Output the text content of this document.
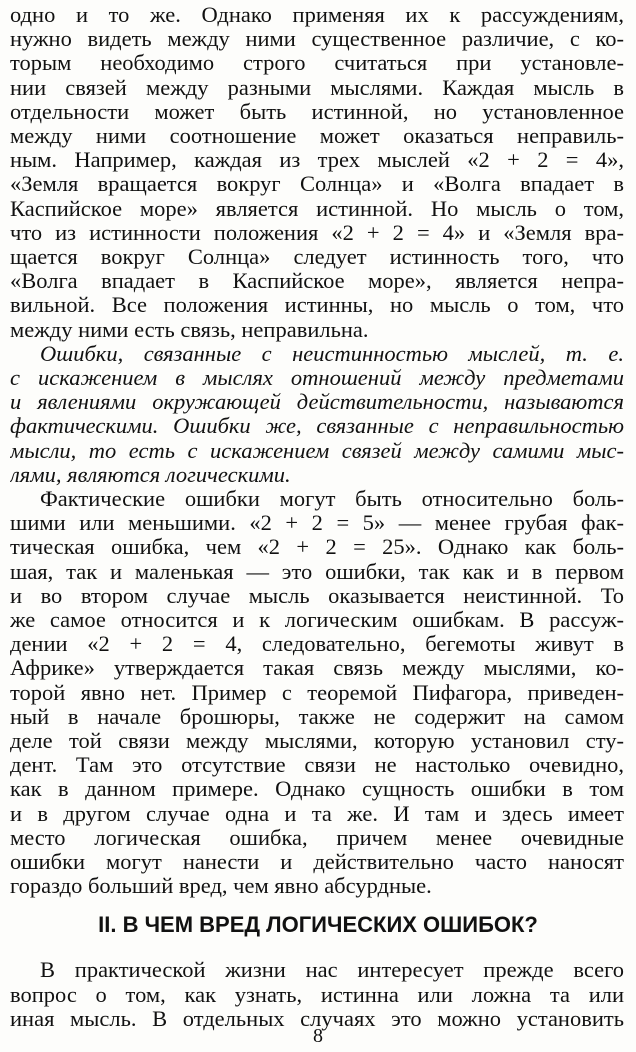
одно и то же. Однако применяя их к рассуждениям,
нужно видеть между ними существенное различие, с ко-
торым необходимо строго считаться при установле-
нии связей между разными мыслями. Каждая мысль в
отдельности может быть истинной, но установленное
между ними соотношение может оказаться неправиль-
ным. Например, каждая из трех мыслей «2 + 2 = 4»,
«Земля вращается вокруг Солнца» и «Волга впадает в
Каспийское море» является истинной. Но мысль о том,
что из истинности положения «2 + 2 = 4» и «Земля вра-
щается вокруг Солнца» следует истинность того, что
«Волга впадает в Каспийское море», является непра-
вильной. Все положения истинны, но мысль о том, что
между ними есть связь, неправильна.
Ошибки, связанные с неистинностью мыслей, т. е.
с искажением в мыслях отношений между предметами
и явлениями окружающей действительности, называются
фактическими. Ошибки же, связанные с неправильностью
мысли, то есть с искажением связей между самими мыс-
лями, являются логическими.
Фактические ошибки могут быть относительно боль-
шими или меньшими. «2 + 2 = 5» — менее грубая фак-
тическая ошибка, чем «2 + 2 = 25». Однако как боль-
шая, так и маленькая — это ошибки, так как и в первом
и во втором случае мысль оказывается неистинной. То
же самое относится и к логическим ошибкам. В рассуж-
дении «2 + 2 = 4, следовательно, бегемоты живут в
Африке» утверждается такая связь между мыслями, ко-
торой явно нет. Пример с теоремой Пифагора, приведен-
ный в начале брошюры, также не содержит на самом
деле той связи между мыслями, которую установил сту-
дент. Там это отсутствие связи не настолько очевидно,
как в данном примере. Однако сущность ошибки в том
и в другом случае одна и та же. И там и здесь имеет
место логическая ошибка, причем менее очевидные
ошибки могут нанести и действительно часто наносят
гораздо больший вред, чем явно абсурдные.
II. В ЧЕМ ВРЕД ЛОГИЧЕСКИХ ОШИБОК?
В практической жизни нас интересует прежде всего
вопрос о том, как узнать, истинна или ложна та или
иная мысль. В отдельных случаях это можно установить
8
